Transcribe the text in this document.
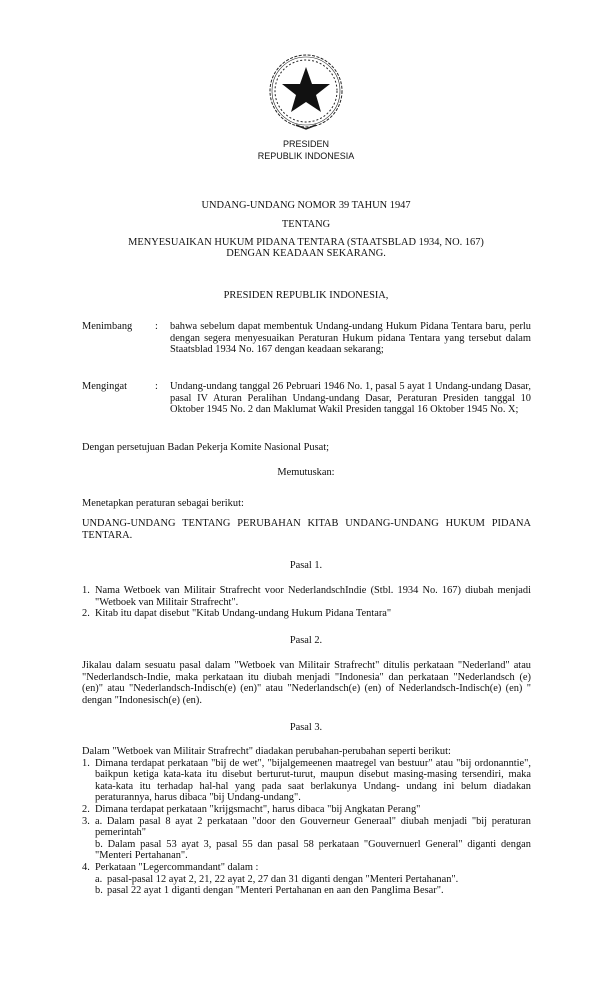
PRESIDEN
REPUBLIK INDONESIA
UNDANG-UNDANG NOMOR 39 TAHUN 1947
TENTANG
MENYESUAIKAN HUKUM PIDANA TENTARA (STAATSBLAD 1934, NO. 167)
DENGAN KEADAAN SEKARANG.
PRESIDEN REPUBLIK INDONESIA,
Menimbang	:	bahwa sebelum dapat membentuk Undang-undang Hukum Pidana Tentara baru, perlu dengan segera menyesuaikan Peraturan Hukum pidana Tentara yang tersebut dalam Staatsblad 1934 No. 167 dengan keadaan sekarang;
Mengingat	:	Undang-undang tanggal 26 Pebruari 1946 No. 1, pasal 5 ayat 1 Undang-undang Dasar, pasal IV Aturan Peralihan Undang-undang Dasar, Peraturan Presiden tanggal 10 Oktober 1945 No. 2 dan Maklumat Wakil Presiden tanggal 16 Oktober 1945 No. X;
Dengan persetujuan Badan Pekerja Komite Nasional Pusat;
Memutuskan:
Menetapkan peraturan sebagai berikut:
UNDANG-UNDANG TENTANG PERUBAHAN KITAB UNDANG-UNDANG HUKUM PIDANA TENTARA.
Pasal 1.
1. Nama Wetboek van Militair Strafrecht voor NederlandschIndie (Stbl. 1934 No. 167) diubah menjadi "Wetboek van Militair Strafrecht".
2. Kitab itu dapat disebut "Kitab Undang-undang Hukum Pidana Tentara"
Pasal 2.
Jikalau dalam sesuatu pasal dalam "Wetboek van Militair Strafrecht" ditulis perkataan "Nederland" atau "Nederlandsch-Indie, maka perkataan itu diubah menjadi "Indonesia" dan perkataan "Nederlandsch (e) (en)" atau "Nederlandsch-Indisch(e) (en)" atau "Nederlandsch(e) (en) of Nederlandsch-Indisch(e) (en) " dengan "Indonesisch(e) (en).
Pasal 3.
Dalam "Wetboek van Militair Strafrecht" diadakan perubahan-perubahan seperti berikut:
1. Dimana terdapat perkataan "bij de wet", "bijalgemeenen maatregel van bestuur" atau "bij ordonanntie", baikpun ketiga kata-kata itu disebut berturut-turut, maupun disebut masing-masing tersendiri, maka kata-kata itu terhadap hal-hal yang pada saat berlakunya Undang- undang ini belum diadakan peraturannya, harus dibaca "bij Undang-undang".
2. Dimana terdapat perkataan "krijgsmacht", harus dibaca "bij Angkatan Perang"
3. a. Dalam pasal 8 ayat 2 perkataan "door den Gouverneur Generaal" diubah menjadi "bij peraturan pemerintah"
b. Dalam pasal 53 ayat 3, pasal 55 dan pasal 58 perkataan "Gouvernuerl General" diganti dengan "Menteri Pertahanan".
4. Perkataan "Legercommandant" dalam :
a. pasal-pasal 12 ayat 2, 21, 22 ayat 2, 27 dan 31 diganti dengan "Menteri Pertahanan".
b. pasal 22 ayat 1 diganti dengan "Menteri Pertahanan en aan den Panglima Besar".
